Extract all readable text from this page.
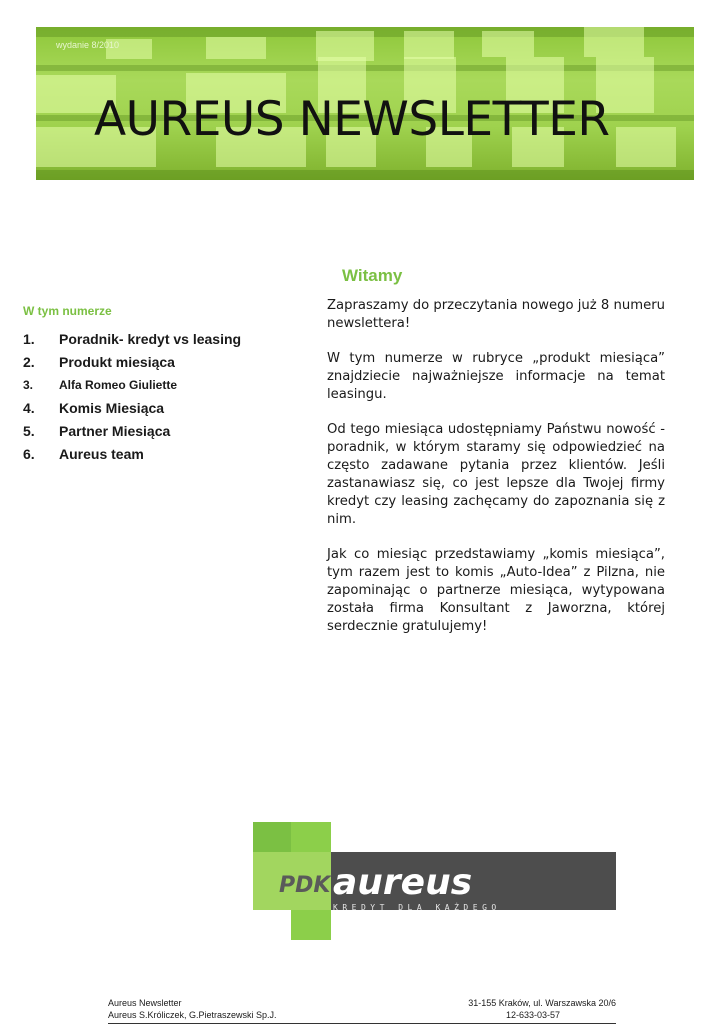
wydanie 8/2010
AUREUS NEWSLETTER
W tym numerze
1.	Poradnik- kredyt vs leasing
2.	Produkt miesiąca
3.	Alfa Romeo Giuliette
4.	Komis Miesiąca
5.	Partner Miesiąca
6.	Aureus team
Witamy

Zapraszamy do przeczytania nowego już 8 numeru newslettera!

W tym numerze w rubryce „produkt miesiąca” znajdziecie najważniejsze informacje na temat leasingu.

Od tego miesiąca udostępniamy Państwu nowość - poradnik, w którym staramy się odpowiedzieć na często zadawane pytania przez klientów. Jeśli zastanawiasz się, co jest lepsze dla Twojej firmy kredyt czy leasing zachęcamy do zapoznania się z nim.

Jak co miesiąc przedstawiamy „komis miesiąca”, tym razem jest to komis „Auto-Idea” z Pilzna, nie zapominając o partnerze miesiąca, wytypowana została firma Konsultant z Jaworzna, której serdecznie gratulujemy!

PDK aureus
KREDYT DLA KAŻDEGO
Aureus Newsletter	31-155 Kraków, ul. Warszawska 20/6
Aureus S.Króliczek, G.Pietraszewski Sp.J.	12-633-03-57
